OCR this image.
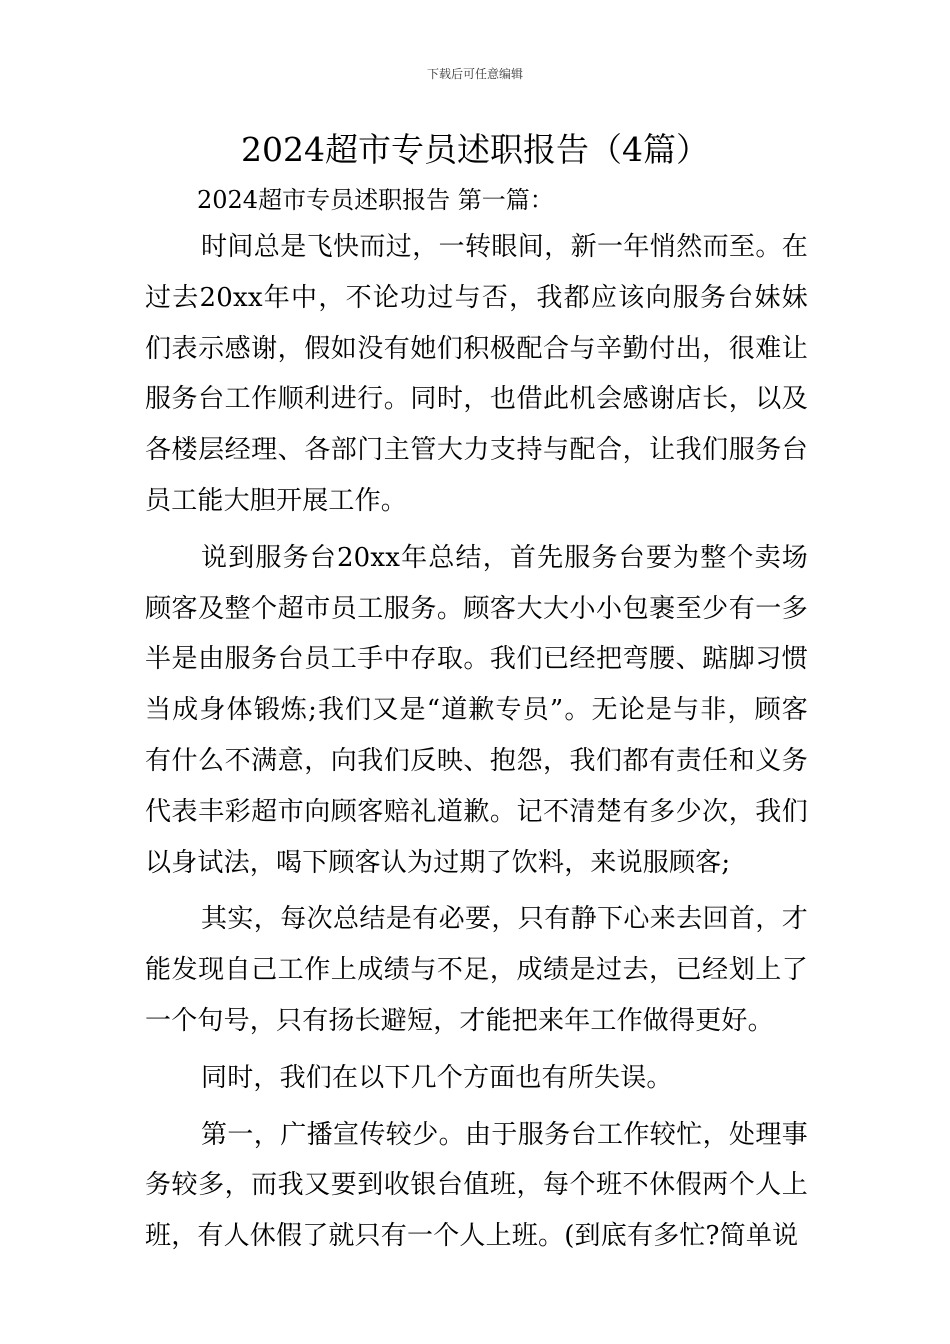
下载后可任意编辑
2024超市专员述职报告（4篇）
2024超市专员述职报告 第一篇：

时间总是飞快而过，一转眼间，新一年悄然而至。在过去20xx年中，不论功过与否，我都应该向服务台妹妹们表示感谢，假如没有她们积极配合与辛勤付出，很难让服务台工作顺利进行。同时，也借此机会感谢店长，以及各楼层经理、各部门主管大力支持与配合，让我们服务台员工能大胆开展工作。

说到服务台20xx年总结，首先服务台要为整个卖场顾客及整个超市员工服务。顾客大大小小包裹至少有一多半是由服务台员工手中存取。我们已经把弯腰、踮脚习惯当成身体锻炼;我们又是“道歉专员”。无论是与非，顾客有什么不满意，向我们反映、抱怨，我们都有责任和义务代表丰彩超市向顾客赔礼道歉。记不清楚有多少次，我们以身试法，喝下顾客认为过期了饮料，来说服顾客;

其实，每次总结是有必要，只有静下心来去回首，才能发现自己工作上成绩与不足，成绩是过去，已经划上了一个句号，只有扬长避短，才能把来年工作做得更好。

同时，我们在以下几个方面也有所失误。

第一，广播宣传较少。由于服务台工作较忙，处理事务较多，而我又要到收银台值班，每个班不休假两个人上班，有人休假了就只有一个人上班。(到底有多忙?简单说
